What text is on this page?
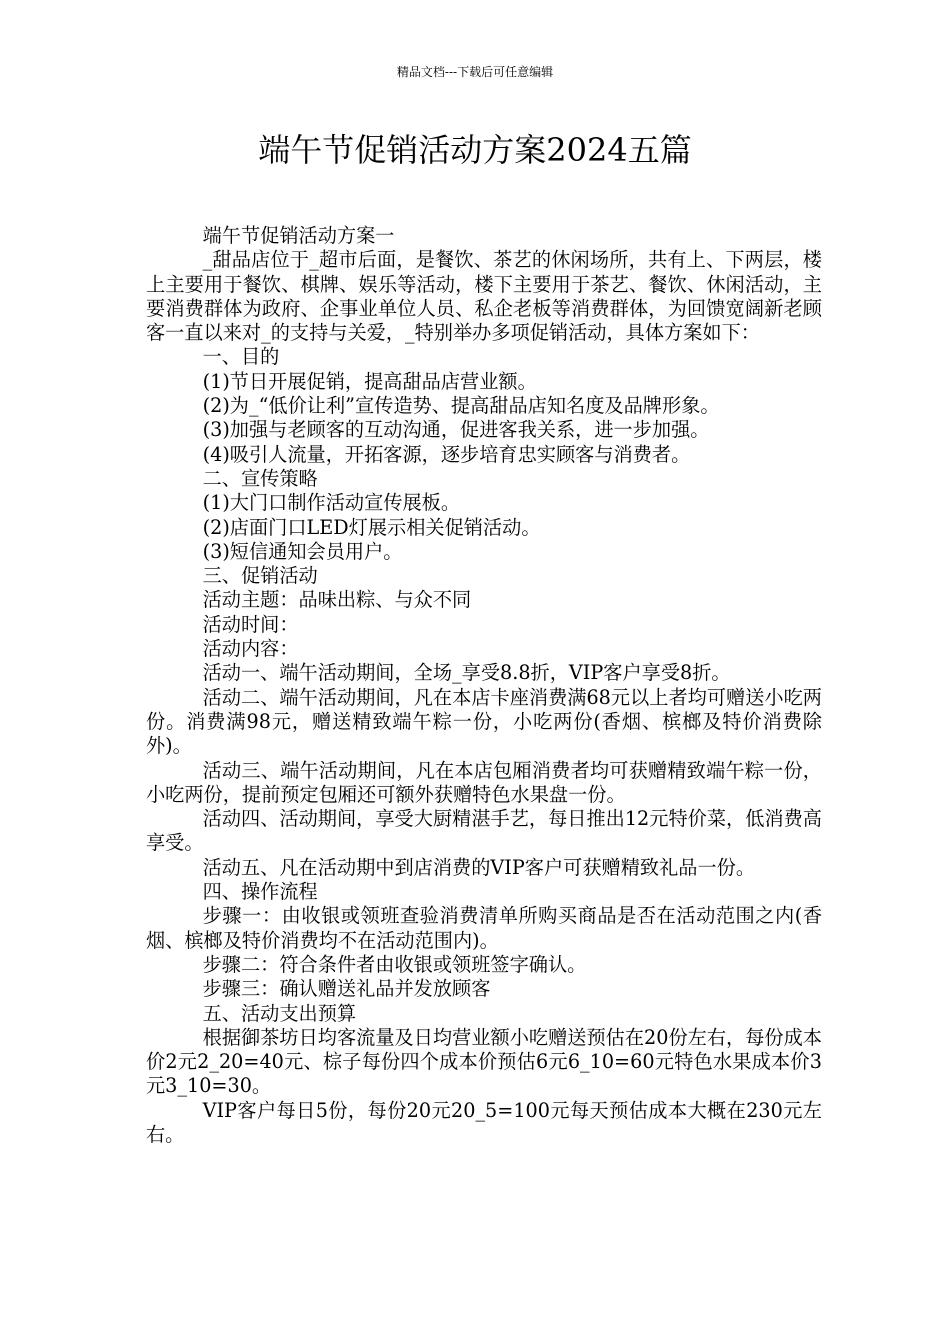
精品文档---下载后可任意编辑
端午节促销活动方案2024五篇

端午节促销活动方案一

_甜品店位于_超市后面，是餐饮、茶艺的休闲场所，共有上、下两层，楼上主要用于餐饮、棋牌、娱乐等活动，楼下主要用于茶艺、餐饮、休闲活动，主要消费群体为政府、企事业单位人员、私企老板等消费群体，为回馈宽阔新老顾客一直以来对_的支持与关爱，_特别举办多项促销活动，具体方案如下：

一、目的

(1)节日开展促销，提高甜品店营业额。

(2)为_“低价让利”宣传造势、提高甜品店知名度及品牌形象。

(3)加强与老顾客的互动沟通，促进客我关系，进一步加强。

(4)吸引人流量，开拓客源，逐步培育忠实顾客与消费者。

二、宣传策略

(1)大门口制作活动宣传展板。

(2)店面门口LED灯展示相关促销活动。

(3)短信通知会员用户。

三、促销活动

活动主题：品味出粽、与众不同

活动时间：

活动内容：

活动一、端午活动期间，全场_享受8.8折，VIP客户享受8折。

活动二、端午活动期间，凡在本店卡座消费满68元以上者均可赠送小吃两份。消费满98元，赠送精致端午粽一份，小吃两份(香烟、槟榔及特价消费除外)。

活动三、端午活动期间，凡在本店包厢消费者均可获赠精致端午粽一份，小吃两份，提前预定包厢还可额外获赠特色水果盘一份。

活动四、活动期间，享受大厨精湛手艺，每日推出12元特价菜，低消费高享受。

活动五、凡在活动期中到店消费的VIP客户可获赠精致礼品一份。

四、操作流程

步骤一：由收银或领班查验消费清单所购买商品是否在活动范围之内(香烟、槟榔及特价消费均不在活动范围内)。

步骤二：符合条件者由收银或领班签字确认。

步骤三：确认赠送礼品并发放顾客

五、活动支出预算

根据御茶坊日均客流量及日均营业额小吃赠送预估在20份左右，每份成本价2元2_20=40元、棕子每份四个成本价预估6元6_10=60元特色水果成本价3元3_10=30。

VIP客户每日5份，每份20元20_5=100元每天预估成本大概在230元左右。
